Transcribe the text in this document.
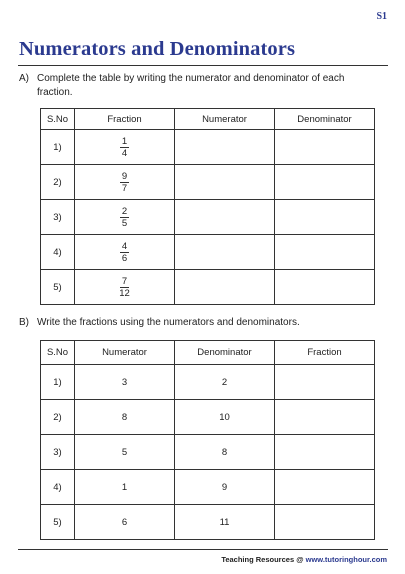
S1
Numerators and Denominators
A) Complete the table by writing the numerator and denominator of each
fraction.
S.No	Fraction	Numerator	Denominator
1)	$\frac{1}{4}$

2)	$\frac{9}{7}$

3)	$\frac{2}{5}$

4)	$\frac{4}{6}$

5)	$\frac{7}{12}$

B) Write the fractions using the numerators and denominators.
S.No	Numerator	Denominator	Fraction
1)	3	2	
2)	8	10	
3)	5	8	
4)	1	9	
5)	6	11	
Teaching Resources @ www.tutoringhour.com
